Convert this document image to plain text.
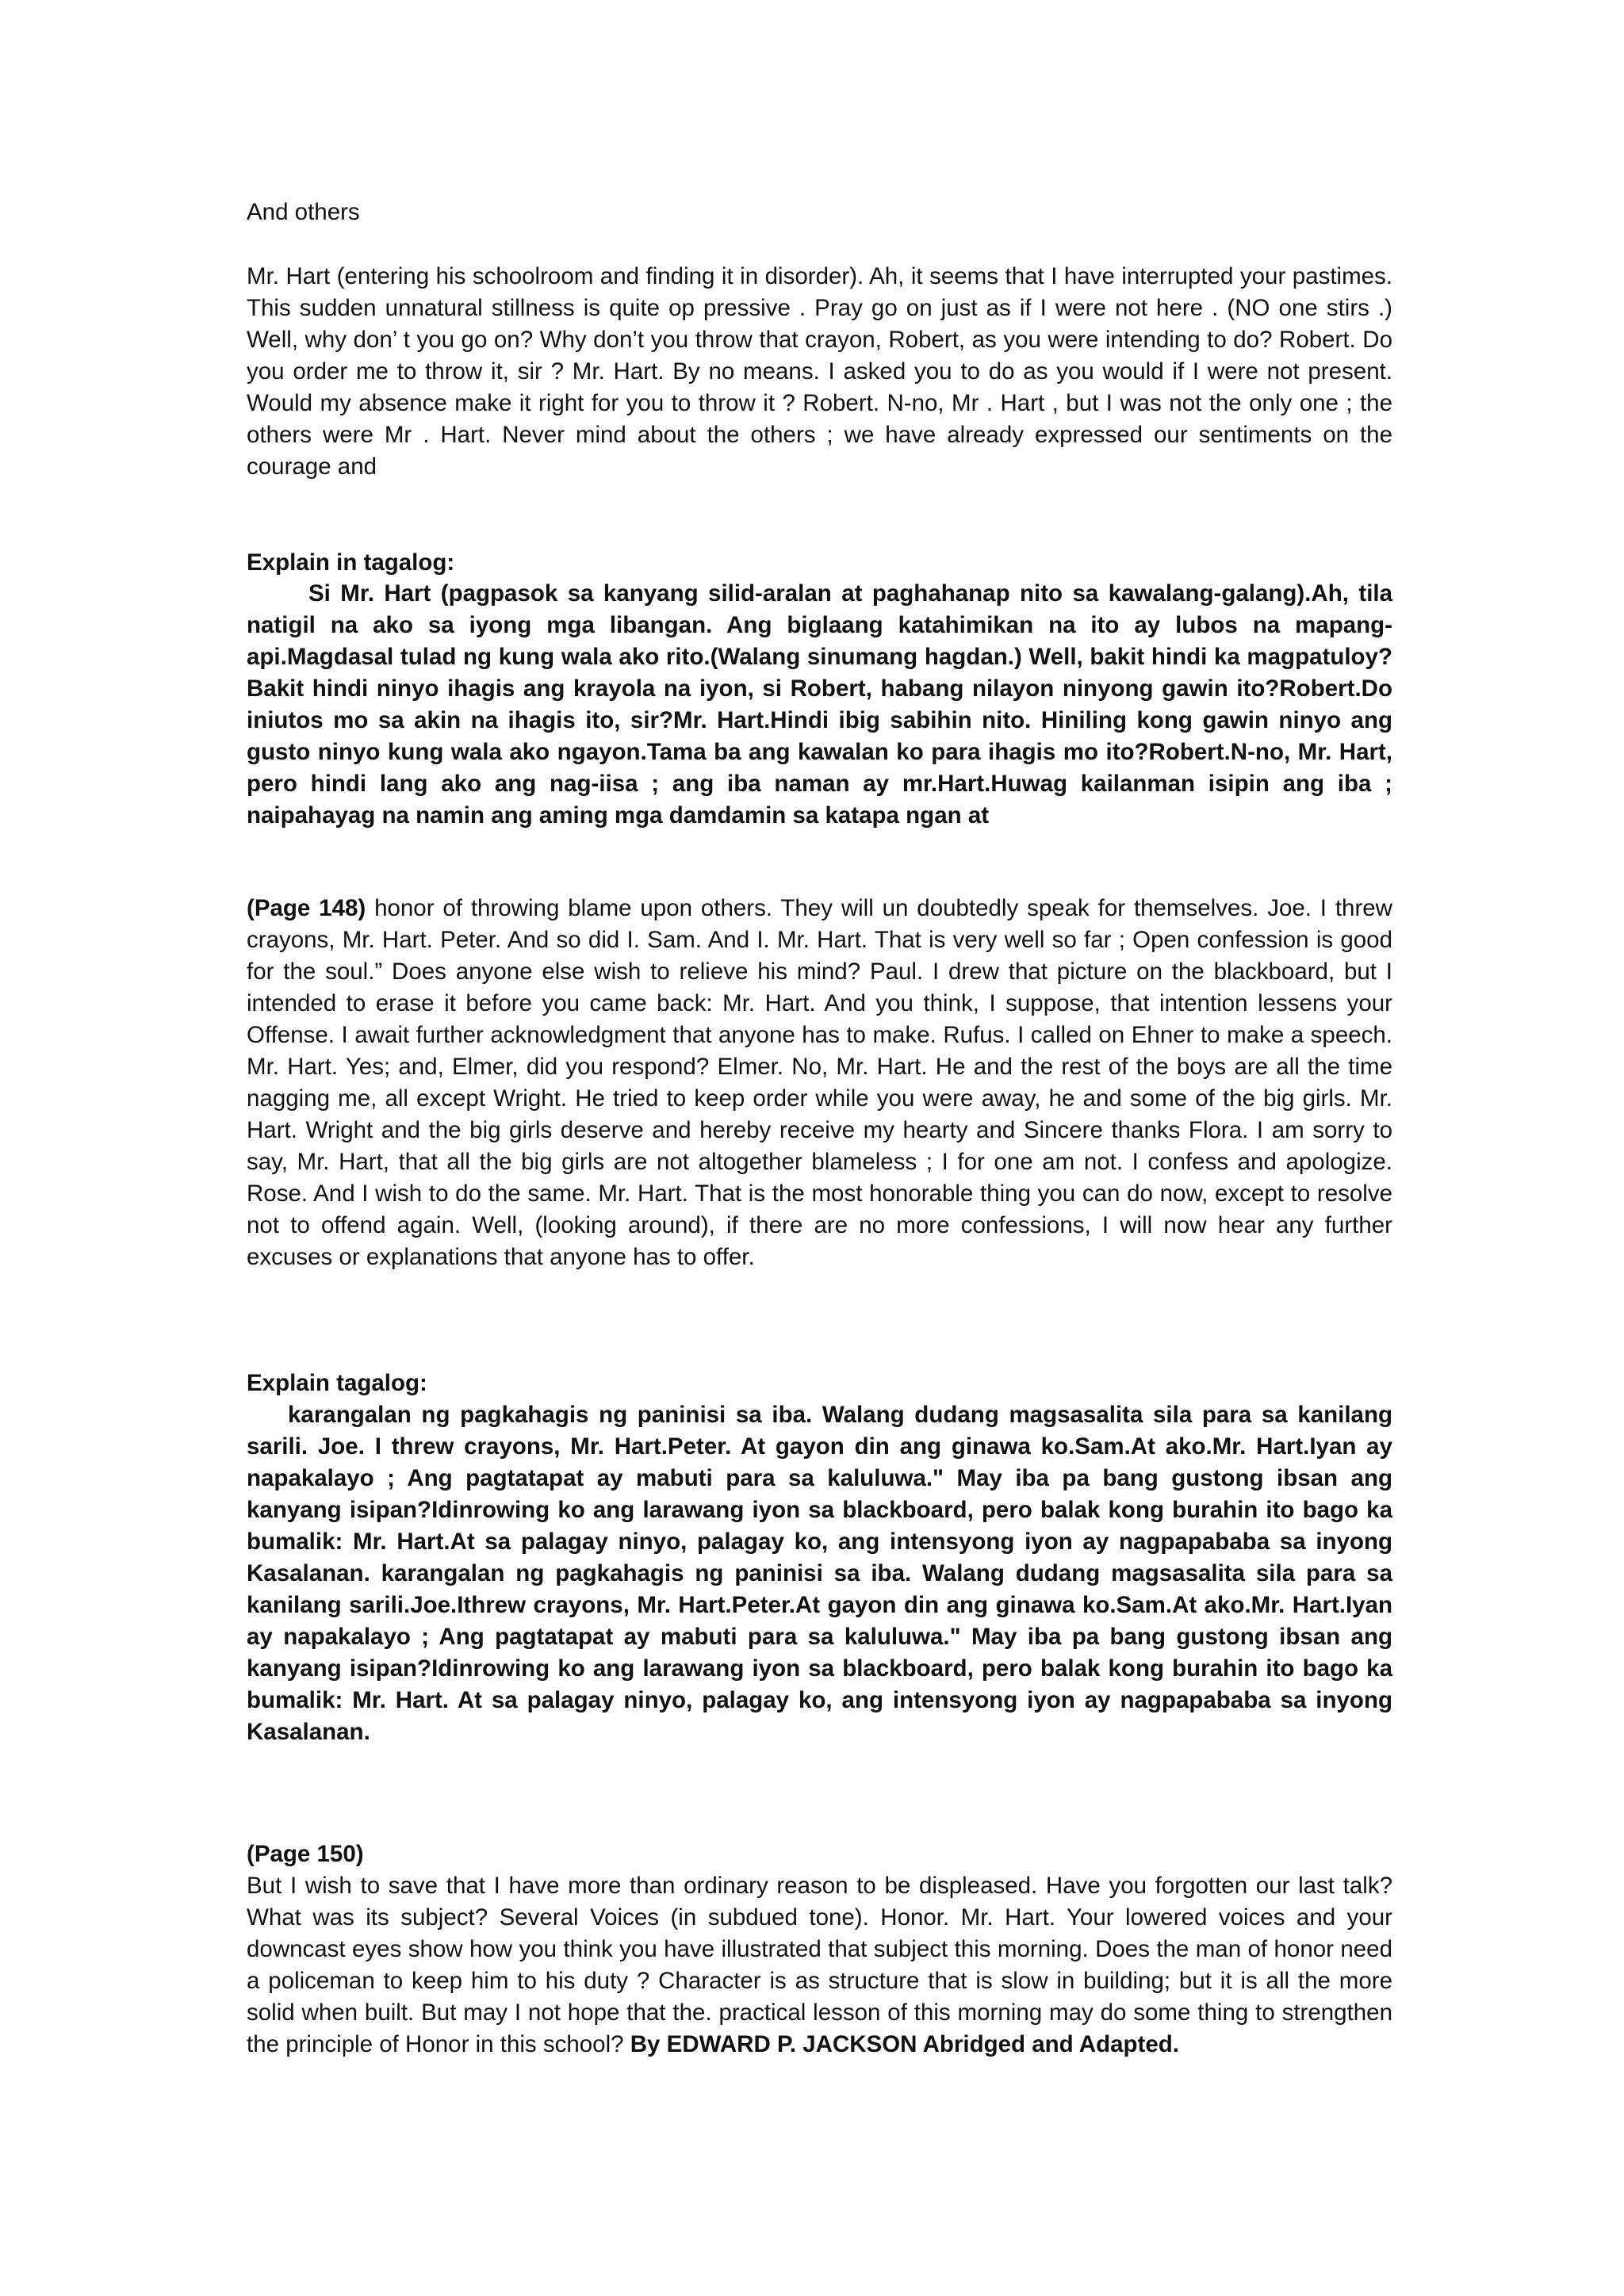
And others

Mr. Hart (entering his schoolroom and finding it in disorder). Ah, it seems that I have interrupted your pastimes. This sudden unnatural stillness is quite op pressive . Pray go on just as if I were not here . (NO one stirs .) Well, why don’ t you go on? Why don’t you throw that crayon, Robert, as you were intending to do? Robert. Do you order me to throw it, sir ? Mr. Hart. By no means. I asked you to do as you would if I were not present. Would my absence make it right for you to throw it ? Robert. N-no, Mr . Hart , but I was not the only one ; the others were Mr . Hart. Never mind about the others ; we have already expressed our sentiments on the courage and

Explain in tagalog:

Si Mr. Hart (pagpasok sa kanyang silid-aralan at paghahanap nito sa kawalang-galang).Ah, tila natigil na ako sa iyong mga libangan. Ang biglaang katahimikan na ito ay lubos na mapang-api.Magdasal tulad ng kung wala ako rito.(Walang sinumang hagdan.) Well, bakit hindi ka magpatuloy?Bakit hindi ninyo ihagis ang krayola na iyon, si Robert, habang nilayon ninyong gawin ito?Robert.Do iniutos mo sa akin na ihagis ito, sir?Mr. Hart.Hindi ibig sabihin nito. Hiniling kong gawin ninyo ang gusto ninyo kung wala ako ngayon.Tama ba ang kawalan ko para ihagis mo ito?Robert.N-no, Mr. Hart, pero hindi lang ako ang nag-iisa ; ang iba naman ay mr.Hart.Huwag kailanman isipin ang iba ; naipahayag na namin ang aming mga damdamin sa katapa ngan at

(Page 148) honor of throwing blame upon others. They will un doubtedly speak for themselves. Joe. I threw crayons, Mr. Hart. Peter. And so did I. Sam. And I. Mr. Hart. That is very well so far ; Open confession is good for the soul.” Does anyone else wish to relieve his mind? Paul. I drew that picture on the blackboard, but I intended to erase it before you came back: Mr. Hart. And you think, I suppose, that intention lessens your Offense. I await further acknowledgment that anyone has to make. Rufus. I called on Ehner to make a speech. Mr. Hart. Yes; and, Elmer, did you respond? Elmer. No, Mr. Hart. He and the rest of the boys are all the time nagging me, all except Wright. He tried to keep order while you were away, he and some of the big girls. Mr. Hart. Wright and the big girls deserve and hereby receive my hearty and Sincere thanks Flora. I am sorry to say, Mr. Hart, that all the big girls are not altogether blameless ; I for one am not. I confess and apologize. Rose. And I wish to do the same. Mr. Hart. That is the most honorable thing you can do now, except to resolve not to offend again. Well, (looking around), if there are no more confessions, I will now hear any further excuses or explanations that anyone has to offer.

Explain tagalog:

karangalan ng pagkahagis ng paninisi sa iba. Walang dudang magsasalita sila para sa kanilang sarili. Joe. I threw crayons, Mr. Hart.Peter. At gayon din ang ginawa ko.Sam.At ako.Mr. Hart.Iyan ay napakalayo ; Ang pagtatapat ay mabuti para sa kaluluwa." May iba pa bang gustong ibsan ang kanyang isipan?Idinrowing ko ang larawang iyon sa blackboard, pero balak kong burahin ito bago ka bumalik: Mr. Hart.At sa palagay ninyo, palagay ko, ang intensyong iyon ay nagpapababa sa inyong Kasalanan. karangalan ng pagkahagis ng paninisi sa iba. Walang dudang magsasalita sila para sa kanilang sarili.Joe.Ithrew crayons, Mr. Hart.Peter.At gayon din ang ginawa ko.Sam.At ako.Mr. Hart.Iyan ay napakalayo ; Ang pagtatapat ay mabuti para sa kaluluwa." May iba pa bang gustong ibsan ang kanyang isipan?Idinrowing ko ang larawang iyon sa blackboard, pero balak kong burahin ito bago ka bumalik: Mr. Hart. At sa palagay ninyo, palagay ko, ang intensyong iyon ay nagpapababa sa inyong Kasalanan.

(Page 150)

But I wish to save that I have more than ordinary reason to be displeased. Have you forgotten our last talk? What was its subject? Several Voices (in subdued tone). Honor. Mr. Hart. Your lowered voices and your downcast eyes show how you think you have illustrated that subject this morning. Does the man of honor need a policeman to keep him to his duty ? Character is as structure that is slow in building; but it is all the more solid when built. But may I not hope that the. practical lesson of this morning may do some thing to strengthen the principle of Honor in this school? By EDWARD P. JACKSON Abridged and Adapted.
